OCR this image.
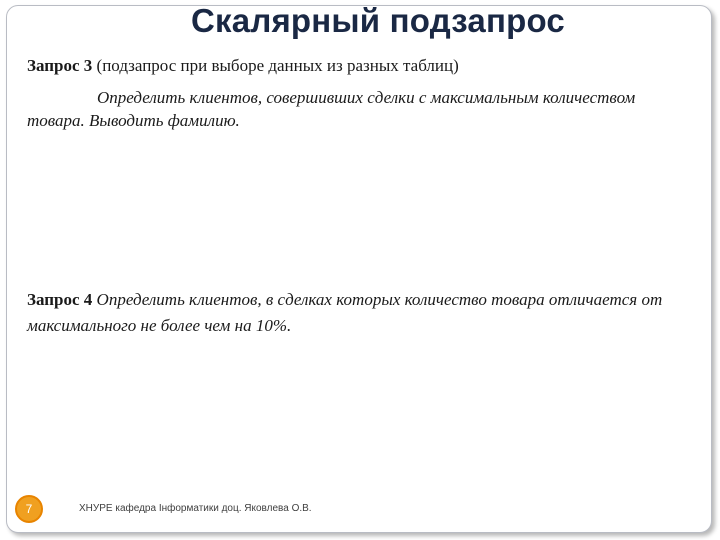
Скалярный подзапрос

Запрос 3 (подзапрос при выборе данных из разных таблиц)

Определить клиентов, совершивших сделки с максимальным количеством товара. Выводить фамилию.

Запрос 4 Определить клиентов, в сделках которых количество товара отличается от максимального не более чем на 10%.

7	ХНУРЕ кафедра Інформатики доц. Яковлева О.В.
